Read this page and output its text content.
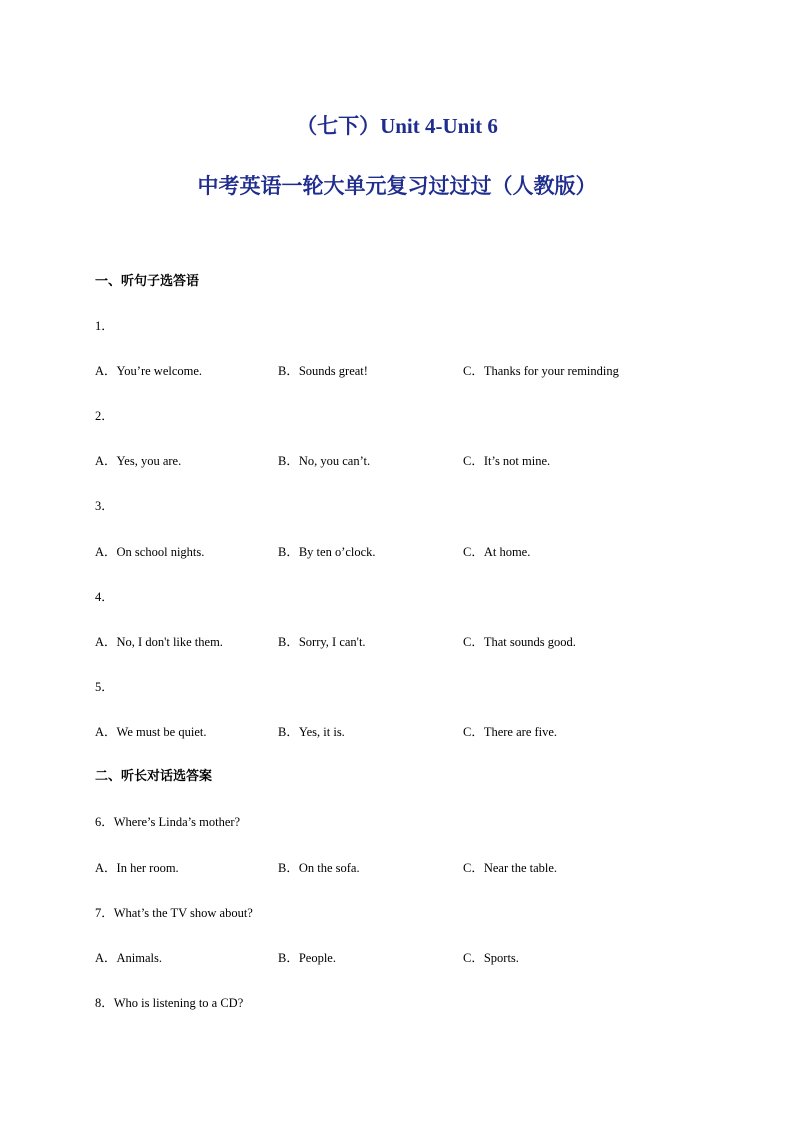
（七下）Unit 4-Unit 6
中考英语一轮大单元复习过过过（人教版）
一、听句子选答语
1．
A．You’re welcome.	B．Sounds great!	C．Thanks for your reminding
2．
A．Yes, you are.	B．No, you can’t.	C．It’s not mine.
3．
A．On school nights.	B．By ten o’clock.	C．At home.
4．
A．No, I don't like them.	B．Sorry, I can't.	C．That sounds good.
5．
A．We must be quiet.	B．Yes, it is.	C．There are five.
二、听长对话选答案
6．Where’s Linda’s mother?
A．In her room.	B．On the sofa.	C．Near the table.
7．What’s the TV show about?
A．Animals.	B．People.	C．Sports.
8．Who is listening to a CD?
